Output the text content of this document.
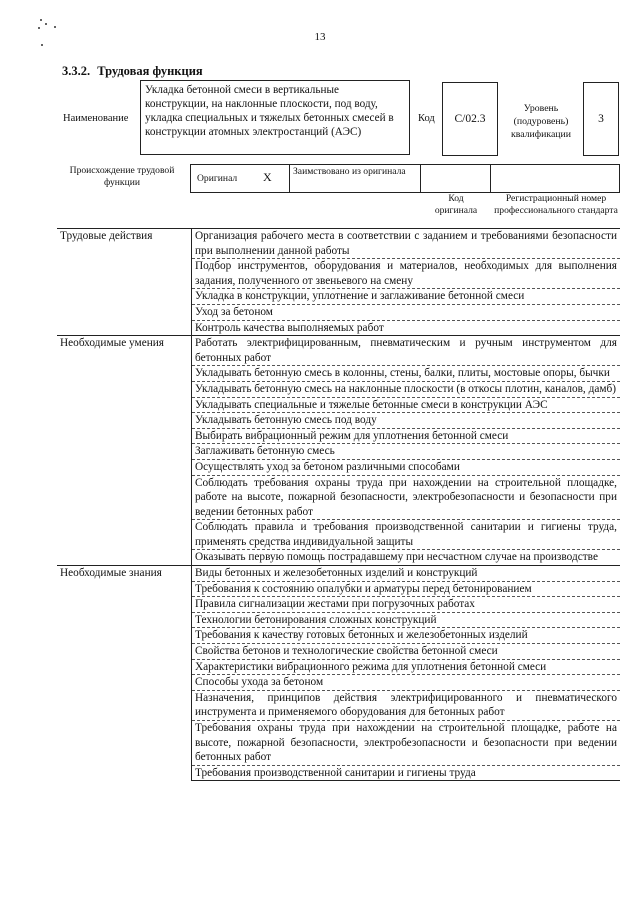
13
3.3.2. Трудовая функция
Наименование
Укладка бетонной смеси в вертикальные конструкции, на наклонные плоскости, под воду, укладка специальных и тяжелых бетонных смесей в конструкции атомных электростанций (АЭС)
Код C/02.3
Уровень (подуровень) квалификации
3
Происхождение трудовой функции	Оригинал X Заимствовано из оригинала
Код оригинала
Регистрационный номер профессионального стандарта
Трудовые действия	Организация рабочего места в соответствии с заданием и требованиями безопасности при выполнении данной работы
	Подбор инструментов, оборудования и материалов, необходимых для выполнения задания, полученного от звеньевого на смену
	Укладка в конструкции, уплотнение и заглаживание бетонной смеси
	Уход за бетоном
	Контроль качества выполняемых работ
Необходимые умения	Работать электрифицированным, пневматическим и ручным инструментом для бетонных работ
	Укладывать бетонную смесь в колонны, стены, балки, плиты, мостовые опоры, бычки
	Укладывать бетонную смесь на наклонные плоскости (в откосы плотин, каналов, дамб)
	Укладывать специальные и тяжелые бетонные смеси в конструкции АЭС
	Укладывать бетонную смесь под воду
	Выбирать вибрационный режим для уплотнения бетонной смеси
	Заглаживать бетонную смесь
	Осуществлять уход за бетоном различными способами
	Соблюдать требования охраны труда при нахождении на строительной площадке, работе на высоте, пожарной безопасности, электробезопасности и безопасности при ведении бетонных работ
	Соблюдать правила и требования производственной санитарии и гигиены труда, применять средства индивидуальной защиты
	Оказывать первую помощь пострадавшему при несчастном случае на производстве
Необходимые знания	Виды бетонных и железобетонных изделий и конструкций
	Требования к состоянию опалубки и арматуры перед бетонированием
	Правила сигнализации жестами при погрузочных работах
	Технологии бетонирования сложных конструкций
	Требования к качеству готовых бетонных и железобетонных изделий
	Свойства бетонов и технологические свойства бетонной смеси
	Характеристики вибрационного режима для уплотнения бетонной смеси
	Способы ухода за бетоном
	Назначения, принципов действия электрифицированного и пневматического инструмента и применяемого оборудования для бетонных работ
	Требования охраны труда при нахождении на строительной площадке, работе на высоте, пожарной безопасности, электробезопасности и безопасности при ведении бетонных работ
	Требования производственной санитарии и гигиены труда
